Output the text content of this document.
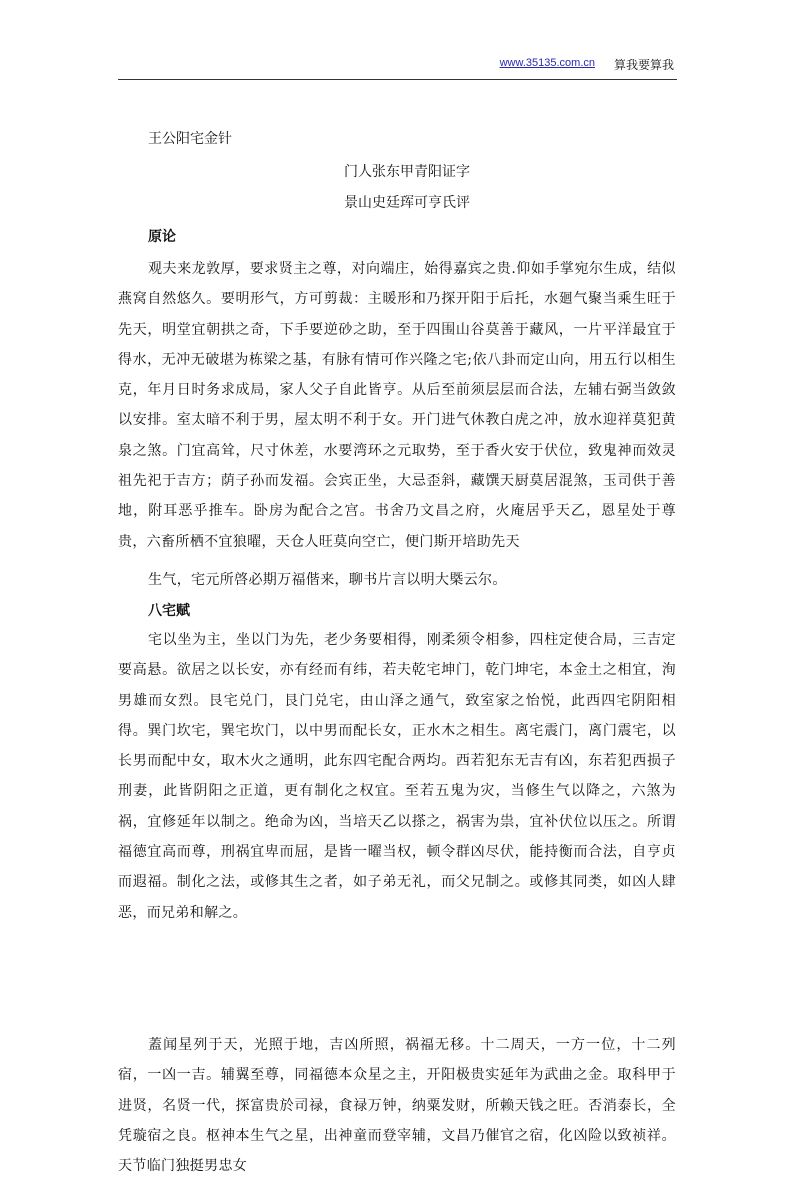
www.35135.com.cn 算我要算我

王公阳宅金针

门人张东甲青阳证字

景山史廷珲可亨氏评

原论

观夫来龙敦厚，要求贤主之尊，对向端庄，始得嘉宾之贵.仰如手掌宛尔生成，结似燕窝自然悠久。要明形气，方可剪裁：主暖形和乃探开阳于后托，水廻气聚当乘生旺于先天，明堂宜朝拱之奇，下手要逆砂之助，至于四围山谷莫善于藏风，一片平洋最宜于得水，无冲无破堪为栋梁之基，有脉有情可作兴隆之宅;依八卦而定山向，用五行以相生克，年月日时务求成局，家人父子自此皆亨。从后至前须层层而合法，左辅右弼当敛敛以安排。室太暗不利于男，屋太明不利于女。开门进气休教白虎之冲，放水迎祥莫犯黄泉之煞。门宜高耸，尺寸休差，水要湾环之元取势，至于香火安于伏位，致鬼神而效灵祖先祀于吉方；荫子孙而发福。会宾正坐，大忌歪斜，藏馔天厨莫居混煞，玉司供于善地，附耳恶乎推车。卧房为配合之宫。书舍乃文昌之府，火庵居乎天乙，恩星处于尊贵，六畜所栖不宜狼曜，天仓人旺莫向空亡，便门斯开培助先天

生气，宅元所啓必期万福偕来，聊书片言以明大槩云尔。

八宅赋

宅以坐为主，坐以门为先，老少务要相得，刚柔须令相参，四柱定使合局，三吉定要高悬。欲居之以长安，亦有经而有纬，若夫乾宅坤门，乾门坤宅，本金土之相宜，洵男雄而女烈。艮宅兑门，艮门兑宅，由山泽之通气，致室家之怡悦，此西四宅阴阳相得。巽门坎宅，巽宅坎门，以中男而配长女，正水木之相生。离宅震门，离门震宅，以长男而配中女，取木火之通明，此东四宅配合两均。西若犯东无吉有凶，东若犯西损子刑妻，此皆阴阳之正道，更有制化之权宜。至若五鬼为灾，当修生气以降之，六煞为祸，宜修延年以制之。绝命为凶，当培天乙以搽之，祸害为祟，宜补伏位以压之。所谓福德宜高而尊，刑祸宜卑而屈，是皆一曜当权，顿令群凶尽伏，能持衡而合法，自亨贞而遐福。制化之法，或修其生之者，如子弟无礼，而父兄制之。或修其同类，如凶人肆恶，而兄弟和解之。

蓋闻星列于天，光照于地，吉凶所照，祸福无移。十二周天，一方一位，十二列宿，一凶一吉。辅翼至尊，同福德本众星之主，开阳极贵实延年为武曲之金。取科甲于进贤，名贤一代，探富贵於司禄，食禄万钟，纳粟发财，所赖天钱之旺。否消泰长，全凭璇宿之良。枢神本生气之星，出神童而登宰辅，文昌乃催官之宿，化凶险以致祯祥。天节临门独挺男忠女
